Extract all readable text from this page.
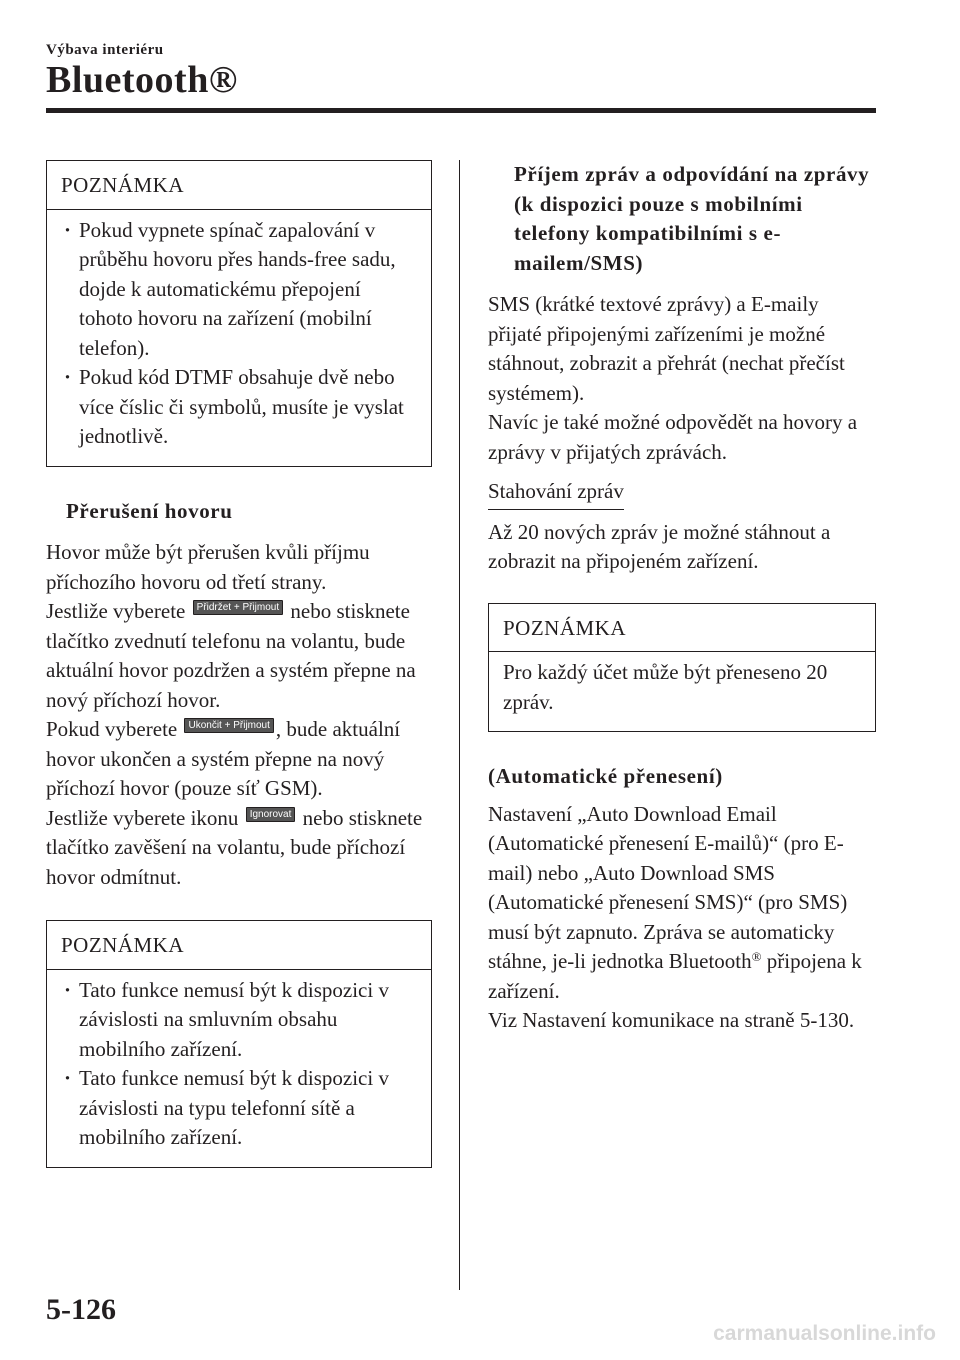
Výbava interiéru
Bluetooth®
POZNÁMKA
· Pokud vypnete spínač zapalování v průběhu hovoru přes hands-free sadu, dojde k automatickému přepojení tohoto hovoru na zařízení (mobilní telefon).
· Pokud kód DTMF obsahuje dvě nebo více číslic či symbolů, musíte je vyslat jednotlivě.
Přerušení hovoru

Hovor může být přerušen kvůli příjmu příchozího hovoru od třetí strany.

Jestliže vyberete Přidržet + Přijmout nebo stisknete tlačítko zvednutí telefonu na volantu, bude aktuální hovor pozdržen a systém přepne na nový příchozí hovor.

Pokud vyberete Ukončit + Přijmout , bude aktuální hovor ukončen a systém přepne na nový příchozí hovor (pouze síť GSM).

Jestliže vyberete ikonu Ignorovat nebo stisknete tlačítko zavěšení na volantu, bude příchozí hovor odmítnut.

POZNÁMKA
· Tato funkce nemusí být k dispozici v závislosti na smluvním obsahu mobilního zařízení.
· Tato funkce nemusí být k dispozici v závislosti na typu telefonní sítě a mobilního zařízení.
Příjem zpráv a odpovídání na zprávy (k dispozici pouze s mobilními telefony kompatibilními s e-mailem/SMS)

SMS (krátké textové zprávy) a E-maily přijaté připojenými zařízeními je možné stáhnout, zobrazit a přehrát (nechat přečíst systémem).

Navíc je také možné odpovědět na hovory a zprávy v přijatých zprávách.

Stahování zpráv

Až 20 nových zpráv je možné stáhnout a zobrazit na připojeném zařízení.

POZNÁMKA

Pro každý účet může být přeneseno 20 zpráv.

(Automatické přenesení)

Nastavení „Auto Download Email (Automatické přenesení E-mailů)“ (pro E-mail) nebo „Auto Download SMS (Automatické přenesení SMS)“ (pro SMS) musí být zapnuto. Zpráva se automaticky stáhne, je-li jednotka Bluetooth® připojena k zařízení.

Viz Nastavení komunikace na straně 5-130.

5-126
carmanualsonline.info
